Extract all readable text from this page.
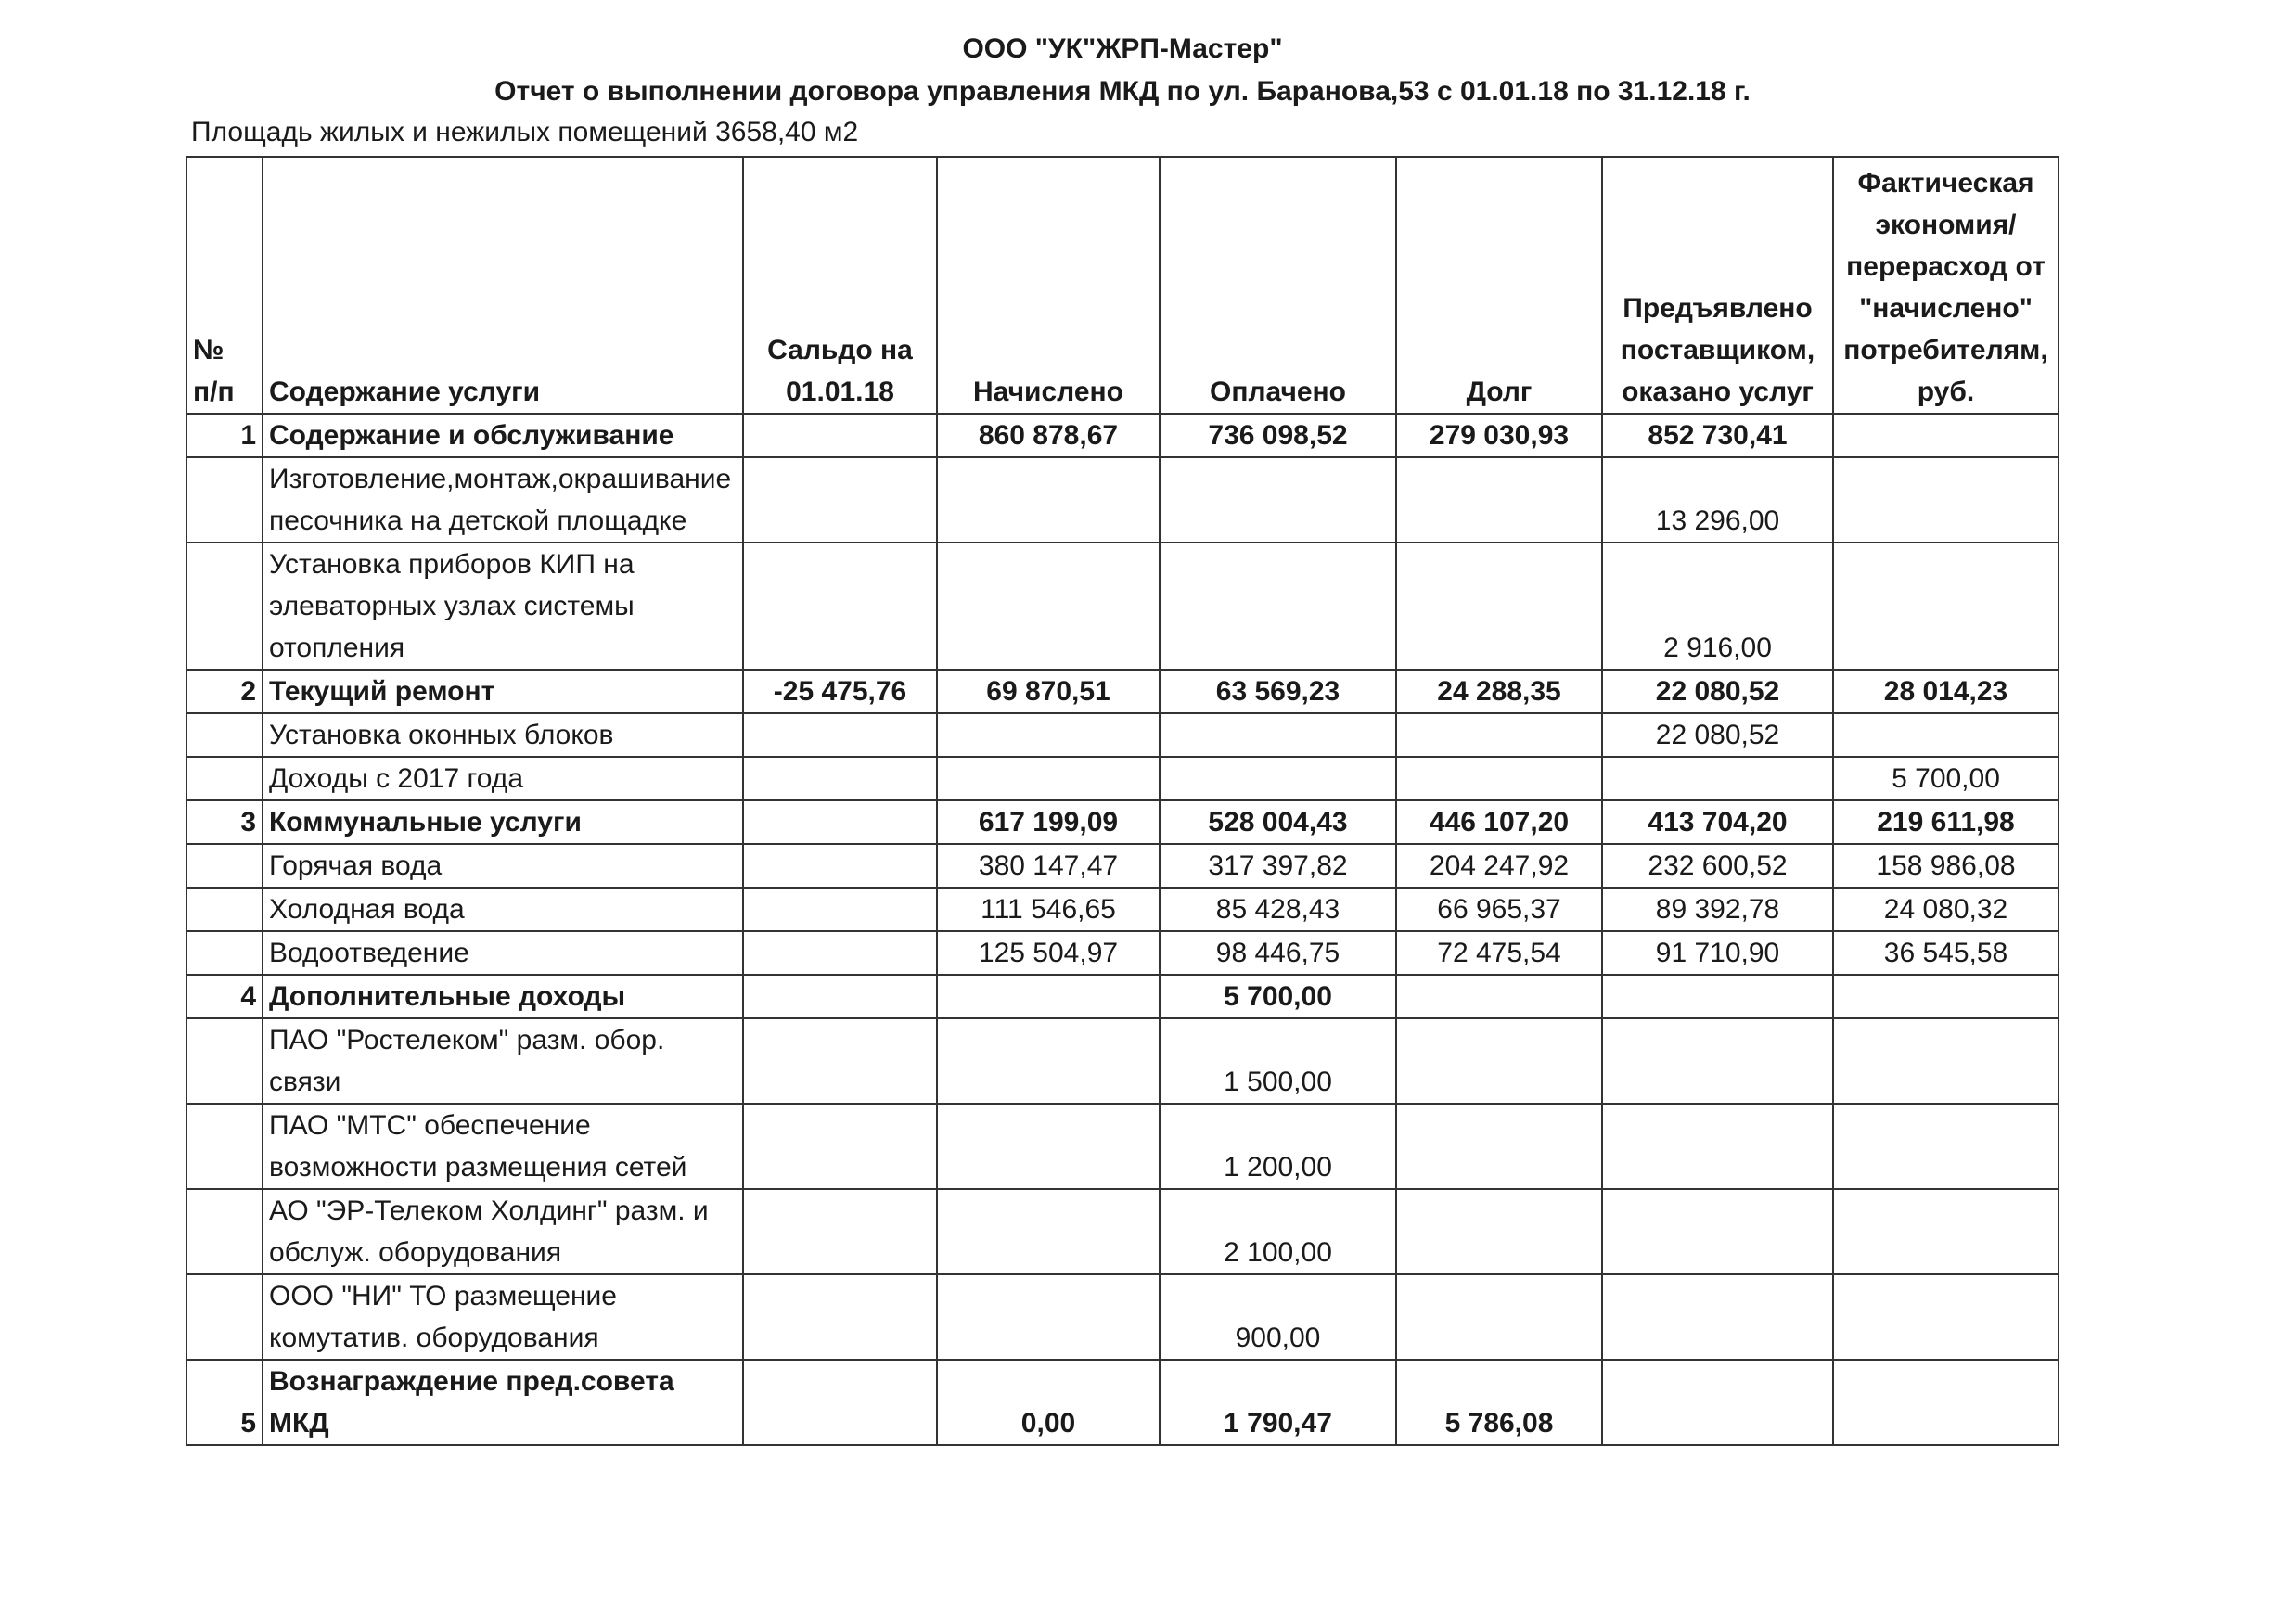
ООО "УК"ЖРП-Мастер"
Отчет о выполнении договора управления МКД по ул. Баранова,53 с 01.01.18 по 31.12.18 г.
Площадь жилых и нежилых помещений 3658,40 м2
№ п/п	Содержание услуги	Сальдо на 01.01.18	Начислено	Оплачено	Долг	Предъявлено поставщиком, оказано услуг	Фактическая экономия/перерасход от "начислено" потребителям, руб.
1	Содержание и обслуживание		860 878,67	736 098,52	279 030,93	852 730,41	
	Изготовление,монтаж,окрашивание песочника на детской площадке					13 296,00	
	Установка приборов КИП на элеваторных узлах системы отопления					2 916,00	
2	Текущий ремонт	-25 475,76	69 870,51	63 569,23	24 288,35	22 080,52	28 014,23
	Установка оконных блоков					22 080,52	
	Доходы с 2017 года						5 700,00
3	Коммунальные услуги		617 199,09	528 004,43	446 107,20	413 704,20	219 611,98
	Горячая вода		380 147,47	317 397,82	204 247,92	232 600,52	158 986,08
	Холодная вода		111 546,65	85 428,43	66 965,37	89 392,78	24 080,32
	Водоотведение		125 504,97	98 446,75	72 475,54	91 710,90	36 545,58
4	Дополнительные доходы			5 700,00			
	ПАО "Ростелеком" разм. обор. связи			1 500,00			
	ПАО "МТС" обеспечение возможности размещения сетей			1 200,00			
	АО "ЭР-Телеком Холдинг" разм. и обслуж. оборудования			2 100,00			
	ООО "НИ" ТО размещение комутатив. оборудования			900,00			
5	Вознаграждение пред.совета МКД		0,00	1 790,47	5 786,08		
